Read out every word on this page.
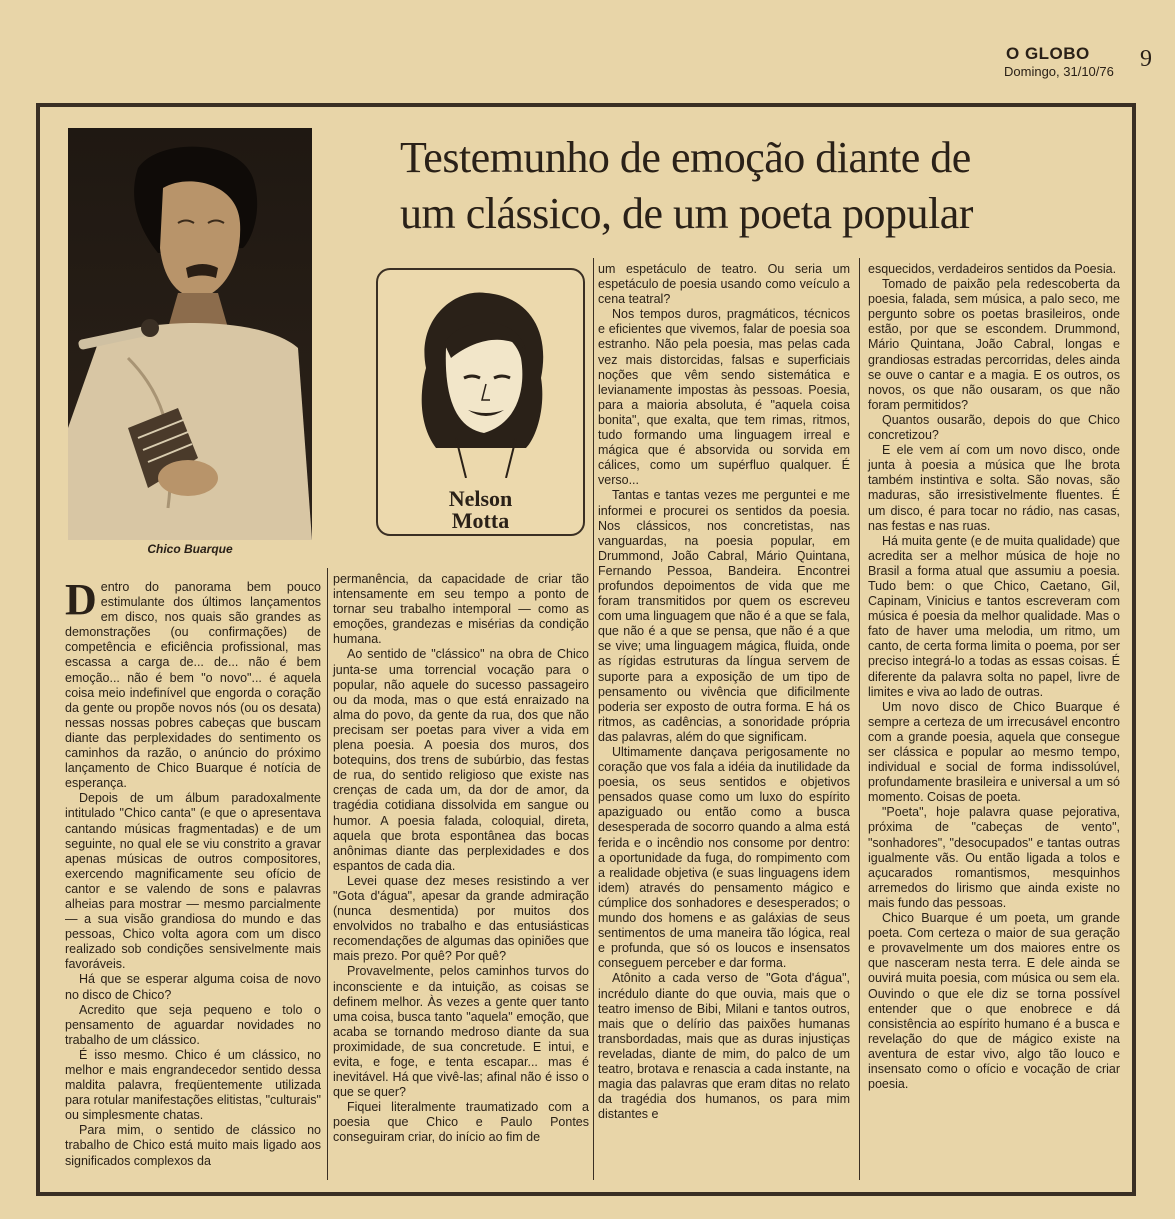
O GLOBO
Domingo, 31/10/76 9
Chico Buarque
Testemunho de emoção diante de
um clássico, de um poeta popular
Nelson
Motta

Dentro do panorama bem pouco estimulante dos últimos lançamentos em disco, nos quais são grandes as demonstrações (ou confirmações) de competência e eficiência profissional, mas escassa a carga de... de... não é bem emoção... não é bem "o novo"... é aquela coisa meio indefinível que engorda o coração da gente ou propõe novos nós (ou os desata) nessas nossas pobres cabeças que buscam diante das perplexidades do sentimento os caminhos da razão, o anúncio do próximo lançamento de Chico Buarque é notícia de esperança.

Depois de um álbum paradoxalmente intitulado "Chico canta" (e que o apresentava cantando músicas fragmentadas) e de um seguinte, no qual ele se viu constrito a gravar apenas músicas de outros compositores, exercendo magnificamente seu ofício de cantor e se valendo de sons e palavras alheias para mostrar — mesmo parcialmente — a sua visão grandiosa do mundo e das pessoas, Chico volta agora com um disco realizado sob condições sensivelmente mais favoráveis.

Há que se esperar alguma coisa de novo no disco de Chico?

Acredito que seja pequeno e tolo o pensamento de aguardar novidades no trabalho de um clássico.

É isso mesmo. Chico é um clássico, no melhor e mais engrandecedor sentido dessa maldita palavra, freqüentemente utilizada para rotular manifestações elitistas, "culturais" ou simplesmente chatas.

Para mim, o sentido de clássico no trabalho de Chico está muito mais ligado aos significados complexos da

permanência, da capacidade de criar tão intensamente em seu tempo a ponto de tornar seu trabalho intemporal — como as emoções, grandezas e misérias da condição humana.

Ao sentido de "clássico" na obra de Chico junta-se uma torrencial vocação para o popular, não aquele do sucesso passageiro ou da moda, mas o que está enraizado na alma do povo, da gente da rua, dos que não precisam ser poetas para viver a vida em plena poesia. A poesia dos muros, dos botequins, dos trens de subúrbio, das festas de rua, do sentido religioso que existe nas crenças de cada um, da dor de amor, da tragédia cotidiana dissolvida em sangue ou humor. A poesia falada, coloquial, direta, aquela que brota espontânea das bocas anônimas diante das perplexidades e dos espantos de cada dia.

Levei quase dez meses resistindo a ver "Gota d'água", apesar da grande admiração (nunca desmentida) por muitos dos envolvidos no trabalho e das entusiásticas recomendações de algumas das opiniões que mais prezo. Por quê? Por quê?

Provavelmente, pelos caminhos turvos do inconsciente e da intuição, as coisas se definem melhor. Às vezes a gente quer tanto uma coisa, busca tanto "aquela" emoção, que acaba se tornando medroso diante da sua proximidade, de sua concretude. E intui, e evita, e foge, e tenta escapar... mas é inevitável. Há que vivê-las; afinal não é isso o que se quer?

Fiquei literalmente traumatizado com a poesia que Chico e Paulo Pontes conseguiram criar, do início ao fim de

um espetáculo de teatro. Ou seria um espetáculo de poesia usando como veículo a cena teatral?

Nos tempos duros, pragmáticos, técnicos e eficientes que vivemos, falar de poesia soa estranho. Não pela poesia, mas pelas cada vez mais distorcidas, falsas e superficiais noções que vêm sendo sistemática e levianamente impostas às pessoas. Poesia, para a maioria absoluta, é "aquela coisa bonita", que exalta, que tem rimas, ritmos, tudo formando uma linguagem irreal e mágica que é absorvida ou sorvida em cálices, como um supérfluo qualquer. É verso...

Tantas e tantas vezes me perguntei e me informei e procurei os sentidos da poesia. Nos clássicos, nos concretistas, nas vanguardas, na poesia popular, em Drummond, João Cabral, Mário Quintana, Fernando Pessoa, Bandeira. Encontrei profundos depoimentos de vida que me foram transmitidos por quem os escreveu com uma linguagem que não é a que se fala, que não é a que se pensa, que não é a que se vive; uma linguagem mágica, fluida, onde as rígidas estruturas da língua servem de suporte para a exposição de um tipo de pensamento ou vivência que dificilmente poderia ser exposto de outra forma. E há os ritmos, as cadências, a sonoridade própria das palavras, além do que significam.

Ultimamente dançava perigosamente no coração que vos fala a idéia da inutilidade da poesia, os seus sentidos e objetivos pensados quase como um luxo do espírito apaziguado ou então como a busca desesperada de socorro quando a alma está ferida e o incêndio nos consome por dentro: a oportunidade da fuga, do rompimento com a realidade objetiva (e suas linguagens idem idem) através do pensamento mágico e cúmplice dos sonhadores e desesperados; o mundo dos homens e as galáxias de seus sentimentos de uma maneira tão lógica, real e profunda, que só os loucos e insensatos conseguem perceber e dar forma.

Atônito a cada verso de "Gota d'água", incrédulo diante do que ouvia, mais que o teatro imenso de Bibi, Milani e tantos outros, mais que o delírio das paixões humanas transbordadas, mais que as duras injustiças reveladas, diante de mim, do palco de um teatro, brotava e renascia a cada instante, na magia das palavras que eram ditas no relato da tragédia dos humanos, os para mim distantes e

esquecidos, verdadeiros sentidos da Poesia.

Tomado de paixão pela redescoberta da poesia, falada, sem música, a palo seco, me pergunto sobre os poetas brasileiros, onde estão, por que se escondem. Drummond, Mário Quintana, João Cabral, longas e grandiosas estradas percorridas, deles ainda se ouve o cantar e a magia. E os outros, os novos, os que não ousaram, os que não foram permitidos?

Quantos ousarão, depois do que Chico concretizou?

E ele vem aí com um novo disco, onde junta à poesia a música que lhe brota também instintiva e solta. São novas, são maduras, são irresistivelmente fluentes. É um disco, é para tocar no rádio, nas casas, nas festas e nas ruas.

Há muita gente (e de muita qualidade) que acredita ser a melhor música de hoje no Brasil a forma atual que assumiu a poesia. Tudo bem: o que Chico, Caetano, Gil, Capinam, Vinicius e tantos escreveram com música é poesia da melhor qualidade. Mas o fato de haver uma melodia, um ritmo, um canto, de certa forma limita o poema, por ser preciso integrá-lo a todas as essas coisas. É diferente da palavra solta no papel, livre de limites e viva ao lado de outras.

Um novo disco de Chico Buarque é sempre a certeza de um irrecusável encontro com a grande poesia, aquela que consegue ser clássica e popular ao mesmo tempo, individual e social de forma indissolúvel, profundamente brasileira e universal a um só momento. Coisas de poeta.

"Poeta", hoje palavra quase pejorativa, próxima de "cabeças de vento", "sonhadores", "desocupados" e tantas outras igualmente vãs. Ou então ligada a tolos e açucarados romantismos, mesquinhos arremedos do lirismo que ainda existe no mais fundo das pessoas.

Chico Buarque é um poeta, um grande poeta. Com certeza o maior de sua geração e provavelmente um dos maiores entre os que nasceram nesta terra. E dele ainda se ouvirá muita poesia, com música ou sem ela. Ouvindo o que ele diz se torna possível entender que o que enobrece e dá consistência ao espírito humano é a busca e revelação do que de mágico existe na aventura de estar vivo, algo tão louco e insensato como o ofício e vocação de criar poesia.
